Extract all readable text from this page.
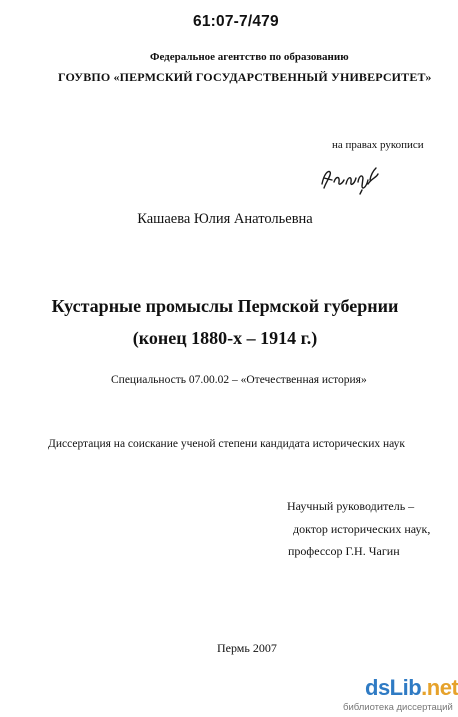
61:07-7/479
Федеральное агентство по образованию
ГОУВПО «ПЕРМСКИЙ ГОСУДАРСТВЕННЫЙ УНИВЕРСИТЕТ»
на правах рукописи
Кашаева Юлия Анатольевна
Кустарные промыслы Пермской губернии
(конец 1880-х – 1914 г.)
Специальность 07.00.02 – «Отечественная история»
Диссертация на соискание ученой степени кандидата исторических наук
Научный руководитель –
доктор исторических наук,
профессор Г.Н. Чагин
Пермь 2007
dsLib.net
библиотека диссертаций
